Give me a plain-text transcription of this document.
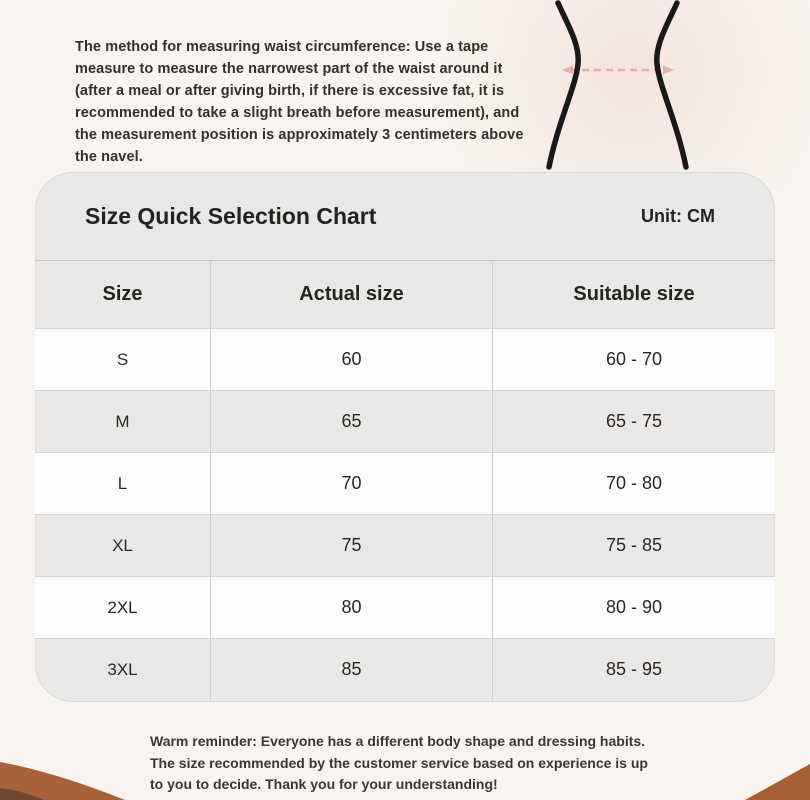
The method for measuring waist circumference: Use a tape measure to measure the narrowest part of the waist around it (after a meal or after giving birth, if there is excessive fat, it is recommended to take a slight breath before measurement), and the measurement position is approximately 3 centimeters above the navel.
Size Quick Selection Chart	Unit: CM
Size	Actual size	Suitable size
S	60	60 - 70
M	65	65 - 75
L	70	70 - 80
XL	75	75 - 85
2XL	80	80 - 90
3XL	85	85 - 95
Warm reminder: Everyone has a different body shape and dressing habits. The size recommended by the customer service based on experience is up to you to decide. Thank you for your understanding!
